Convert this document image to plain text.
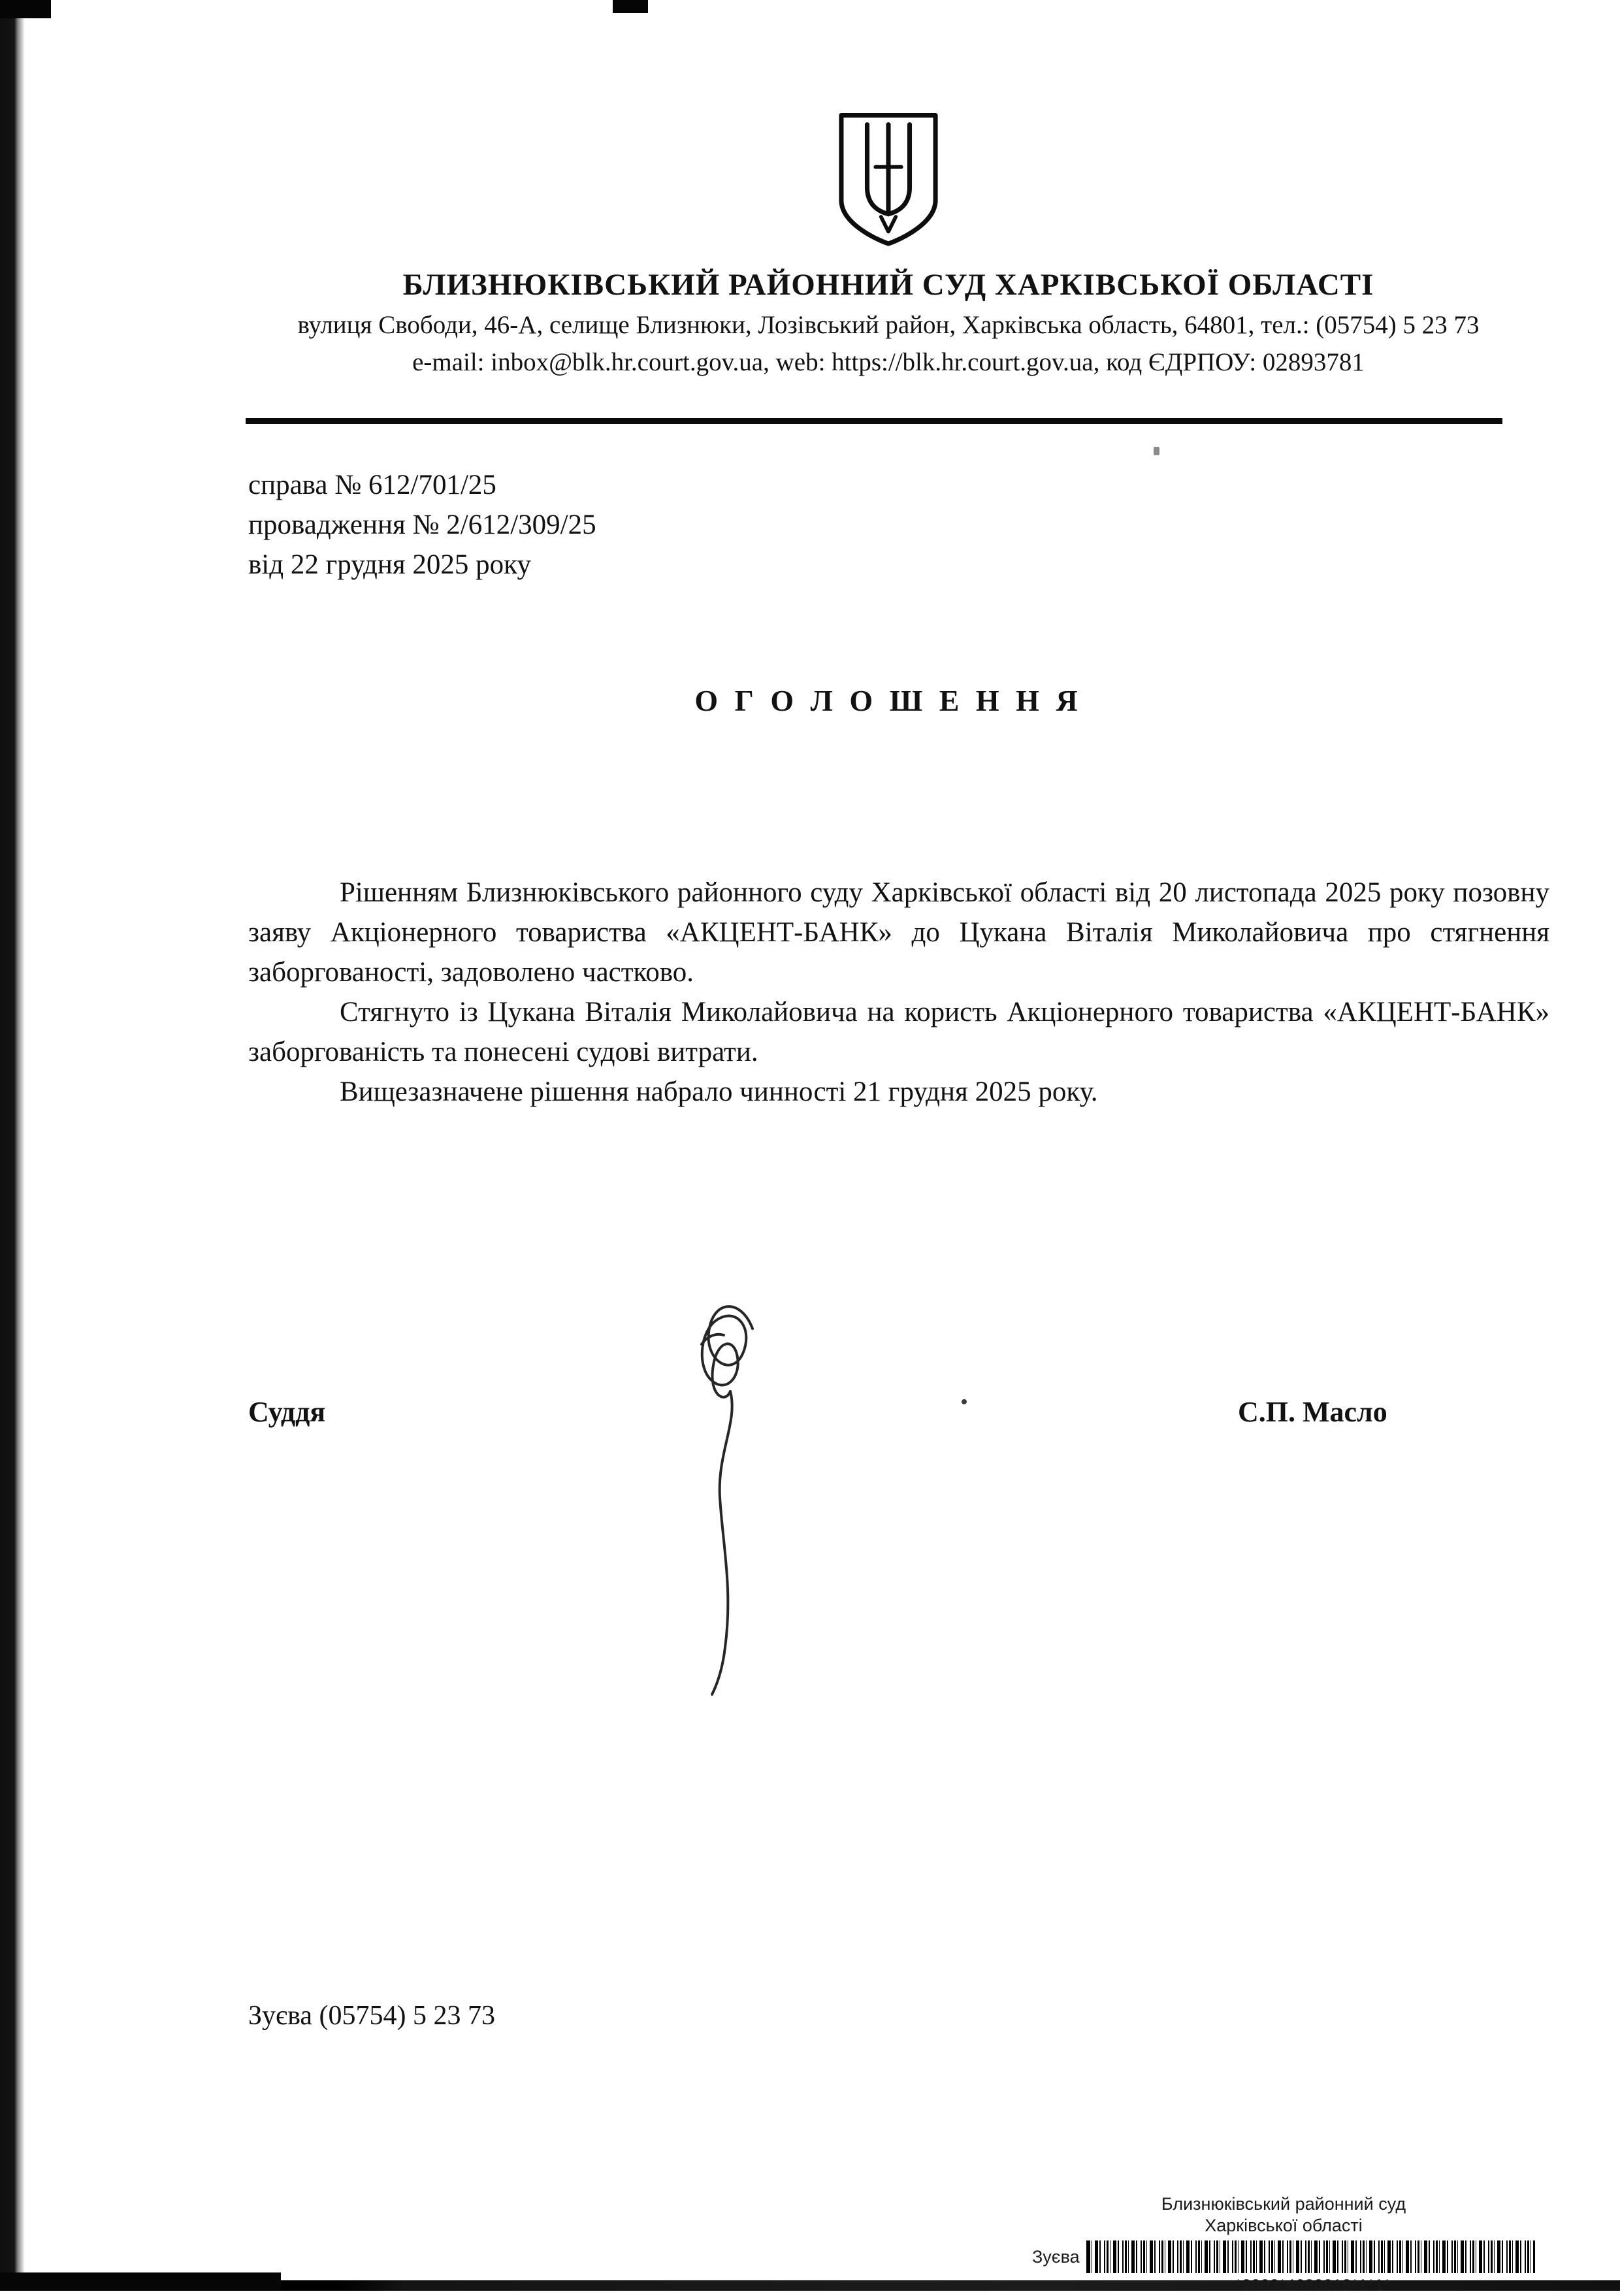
БЛИЗНЮКІВСЬКИЙ РАЙОННИЙ СУД ХАРКІВСЬКОЇ ОБЛАСТІ
вулиця Свободи, 46-А, селище Близнюки, Лозівський район, Харківська область, 64801, тел.: (05754) 5 23 73
e-mail: inbox@blk.hr.court.gov.ua, web: https://blk.hr.court.gov.ua, код ЄДРПОУ: 02893781
справа № 612/701/25
провадження № 2/612/309/25
від 22 грудня 2025 року
О Г О Л О Ш Е Н Н Я

Рішенням Близнюківського районного суду Харківської області від 20 листопада 2025 року позовну заяву Акціонерного товариства «АКЦЕНТ-БАНК» до Цукана Віталія Миколайовича про стягнення заборгованості, задоволено частково.

Стягнуто із Цукана Віталія Миколайовича на користь Акціонерного товариства «АКЦЕНТ-БАНК» заборгованість та понесені судові витрати.

Вищезазначене рішення набрало чинності 21 грудня 2025 року.

Суддя	С.П. Масло
Зуєва (05754) 5 23 73
Близнюківський районний суд
Харківської області
Зуєва
*2003*4680918*1*1*
